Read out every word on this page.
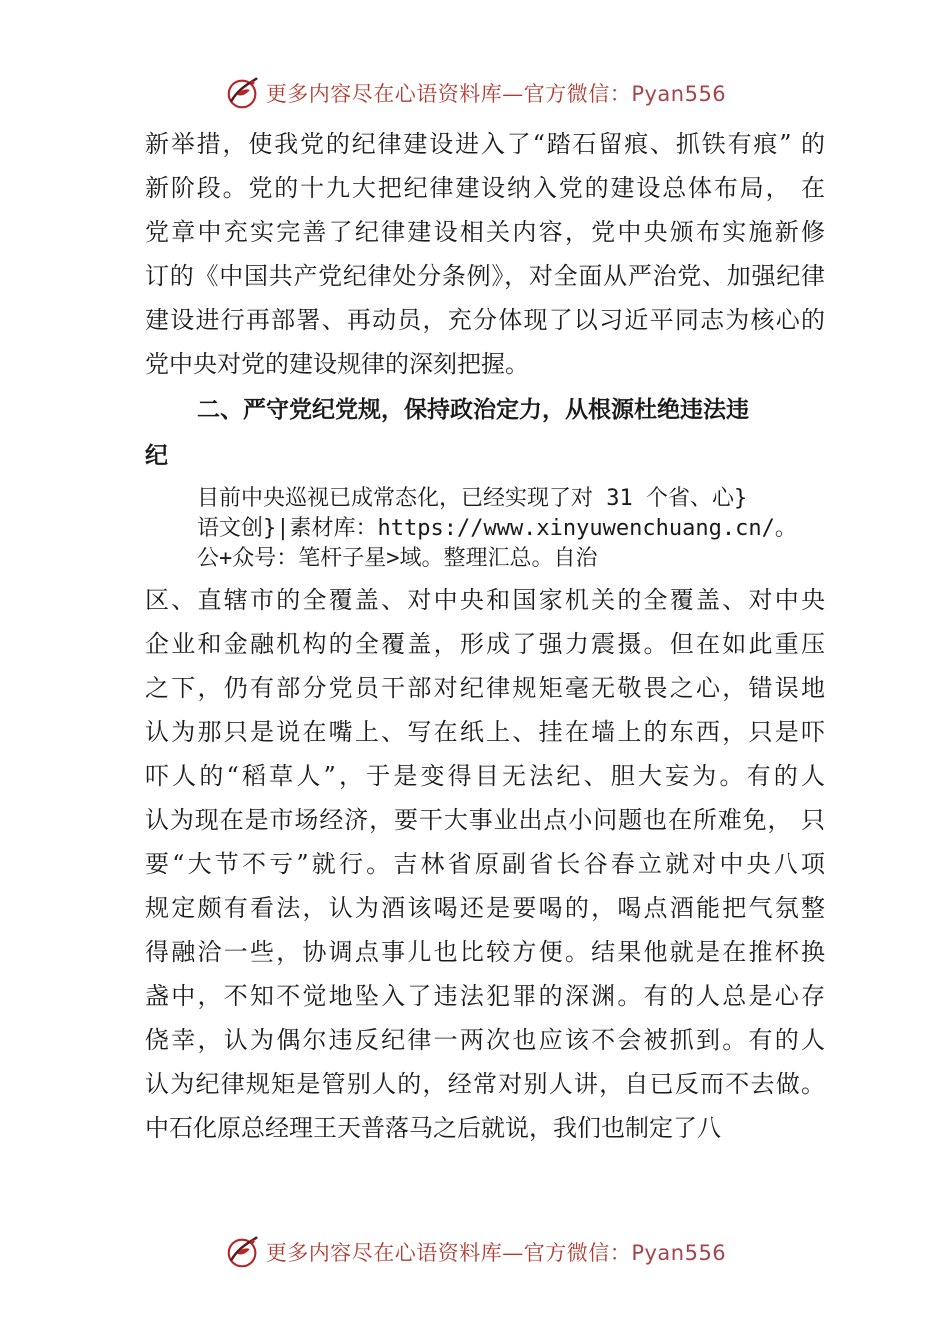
更多内容尽在心语资料库—官方微信：Pyan556
新举措，使我党的纪律建设进入了“踏石留痕、抓铁有痕” 的
新阶段。党的十九大把纪律建设纳入党的建设总体布局， 在
党章中充实完善了纪律建设相关内容，党中央颁布实施新修
订的《中国共产党纪律处分条例》，对全面从严治党、加强纪律
建设进行再部署、再动员，充分体现了以习近平同志为核心的
党中央对党的建设规律的深刻把握。
二、严守党纪党规，保持政治定力，从根源杜绝违法违
纪
目前中央巡视已成常态化，已经实现了对 31 个省、心}
语文创}|素材库：https://www.xinyuwenchuang.cn/。
公+众号：笔杆子星>域。整理汇总。自治
区、直辖市的全覆盖、对中央和国家机关的全覆盖、对中央
企业和金融机构的全覆盖，形成了强力震摄。但在如此重压
之下，仍有部分党员干部对纪律规矩毫无敬畏之心，错误地
认为那只是说在嘴上、写在纸上、挂在墙上的东西，只是吓
吓人的“稻草人”，于是变得目无法纪、胆大妄为。有的人
认为现在是市场经济，要干大事业出点小问题也在所难免， 只
要“大节不亏”就行。吉林省原副省长谷春立就对中央八项
规定颇有看法，认为酒该喝还是要喝的，喝点酒能把气氛整
得融洽一些，协调点事儿也比较方便。结果他就是在推杯换
盏中，不知不觉地坠入了违法犯罪的深渊。有的人总是心存
侥幸，认为偶尔违反纪律一两次也应该不会被抓到。有的人
认为纪律规矩是管别人的，经常对别人讲，自已反而不去做。
中石化原总经理王天普落马之后就说，我们也制定了八
更多内容尽在心语资料库—官方微信：Pyan556
